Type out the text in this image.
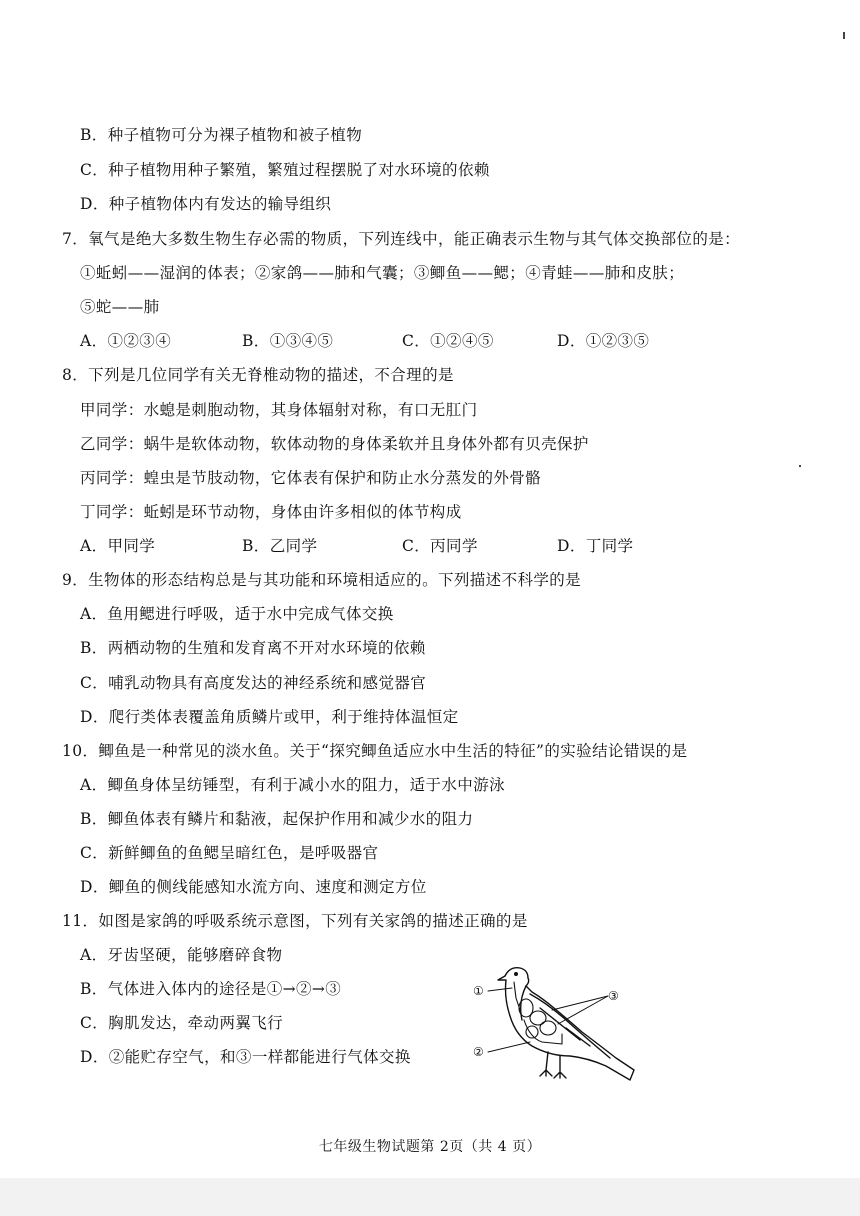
B．种子植物可分为裸子植物和被子植物
C．种子植物用种子繁殖，繁殖过程摆脱了对水环境的依赖
D．种子植物体内有发达的输导组织
7．氧气是绝大多数生物生存必需的物质，下列连线中，能正确表示生物与其气体交换部位的是：
①蚯蚓——湿润的体表；②家鸽——肺和气囊；③鲫鱼——鳃；④青蛙——肺和皮肤；
⑤蛇——肺
A．①②③④	B．①③④⑤	C．①②④⑤	D．①②③⑤
8．下列是几位同学有关无脊椎动物的描述，不合理的是
甲同学：水螅是刺胞动物，其身体辐射对称，有口无肛门
乙同学：蜗牛是软体动物，软体动物的身体柔软并且身体外都有贝壳保护
丙同学：蝗虫是节肢动物，它体表有保护和防止水分蒸发的外骨骼
丁同学：蚯蚓是环节动物，身体由许多相似的体节构成
A．甲同学	B．乙同学	C．丙同学	D．丁同学
9．生物体的形态结构总是与其功能和环境相适应的。下列描述不科学的是
A．鱼用鳃进行呼吸，适于水中完成气体交换
B．两栖动物的生殖和发育离不开对水环境的依赖
C．哺乳动物具有高度发达的神经系统和感觉器官
D．爬行类体表覆盖角质鳞片或甲，利于维持体温恒定
10．鲫鱼是一种常见的淡水鱼。关于“探究鲫鱼适应水中生活的特征”的实验结论错误的是
A．鲫鱼身体呈纺锤型，有利于减小水的阻力，适于水中游泳
B．鲫鱼体表有鳞片和黏液，起保护作用和减少水的阻力
C．新鲜鲫鱼的鱼鳃呈暗红色，是呼吸器官
D．鲫鱼的侧线能感知水流方向、速度和测定方位
11．如图是家鸽的呼吸系统示意图，下列有关家鸽的描述正确的是
A．牙齿坚硬，能够磨碎食物
B．气体进入体内的途径是①→②→③
C．胸肌发达，牵动两翼飞行
D．②能贮存空气，和③一样都能进行气体交换
①
②
③
七年级生物试题第 2页（共 4 页）
